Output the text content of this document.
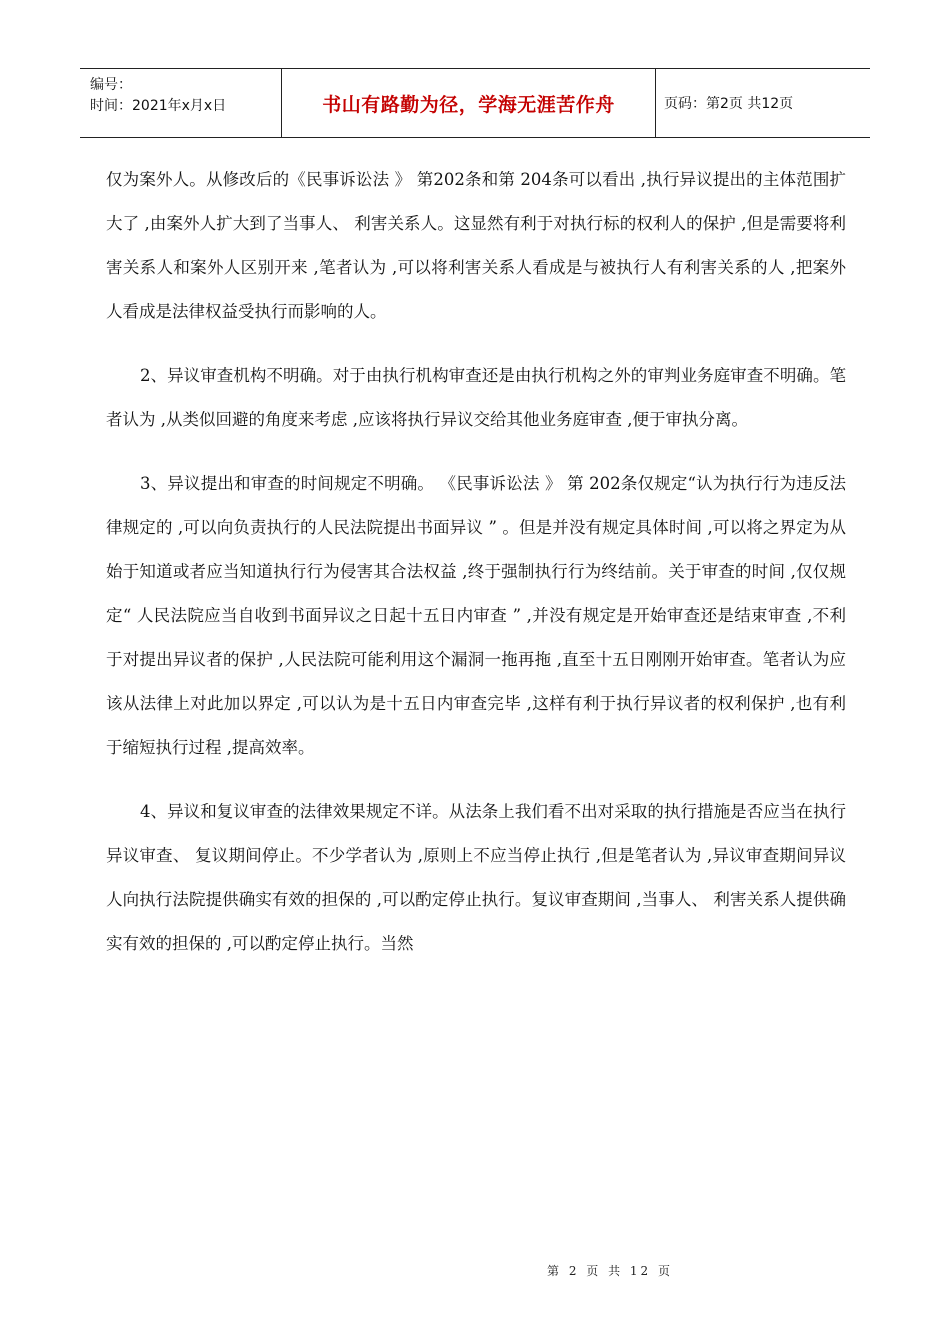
编号：
时间：2021年x月x日	书山有路勤为径，学海无涯苦作舟	页码：第2页 共12页

仅为案外人。从修改后的《民事诉讼法 》 第202条和第 204条可以看出 ,执行异议提出的主体范围扩大了 ,由案外人扩大到了当事人、 利害关系人。这显然有利于对执行标的权利人的保护 ,但是需要将利害关系人和案外人区别开来 ,笔者认为 ,可以将利害关系人看成是与被执行人有利害关系的人 ,把案外人看成是法律权益受执行而影响的人。

2、异议审查机构不明确。对于由执行机构审查还是由执行机构之外的审判业务庭审查不明确。笔者认为 ,从类似回避的角度来考虑 ,应该将执行异议交给其他业务庭审查 ,便于审执分离。

3、异议提出和审查的时间规定不明确。 《民事诉讼法 》 第 202条仅规定“认为执行行为违反法律规定的 ,可以向负责执行的人民法院提出书面异议 ” 。但是并没有规定具体时间 ,可以将之界定为从始于知道或者应当知道执行行为侵害其合法权益 ,终于强制执行行为终结前。关于审查的时间 ,仅仅规定“ 人民法院应当自收到书面异议之日起十五日内审查 ” ,并没有规定是开始审查还是结束审查 ,不利于对提出异议者的保护 ,人民法院可能利用这个漏洞一拖再拖 ,直至十五日刚刚开始审查。笔者认为应该从法律上对此加以界定 ,可以认为是十五日内审查完毕 ,这样有利于执行异议者的权利保护 ,也有利于缩短执行过程 ,提高效率。

4、异议和复议审查的法律效果规定不详。从法条上我们看不出对采取的执行措施是否应当在执行异议审查、 复议期间停止。不少学者认为 ,原则上不应当停止执行 ,但是笔者认为 ,异议审查期间异议人向执行法院提供确实有效的担保的 ,可以酌定停止执行。复议审查期间 ,当事人、 利害关系人提供确实有效的担保的 ,可以酌定停止执行。当然

第 2 页 共 12 页
